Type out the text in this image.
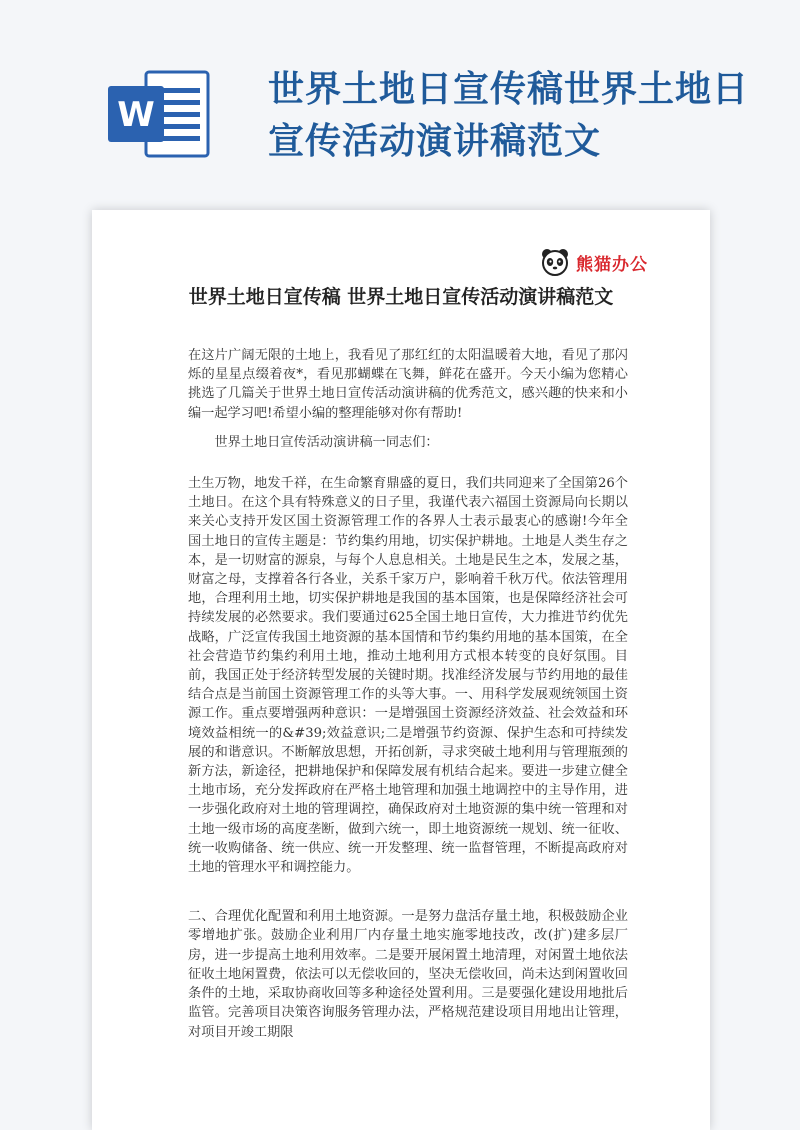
W
世界土地日宣传稿世界土地日宣传活动演讲稿范文
熊猫办公
世界土地日宣传稿 世界土地日宣传活动演讲稿范文

在这片广阔无限的土地上，我看见了那红红的太阳温暖着大地，看见了那闪烁的星星点缀着夜*，看见那蝴蝶在飞舞，鲜花在盛开。今天小编为您精心挑选了几篇关于世界土地日宣传活动演讲稿的优秀范文，感兴趣的快来和小编一起学习吧!希望小编的整理能够对你有帮助!

世界土地日宣传活动演讲稿一同志们：

土生万物，地发千祥，在生命繁育鼎盛的夏日，我们共同迎来了全国第26个土地日。在这个具有特殊意义的日子里，我谨代表六福国土资源局向长期以来关心支持开发区国土资源管理工作的各界人士表示最衷心的感谢!今年全国土地日的宣传主题是：节约集约用地，切实保护耕地。土地是人类生存之本，是一切财富的源泉，与每个人息息相关。土地是民生之本，发展之基，财富之母，支撑着各行各业，关系千家万户，影响着千秋万代。依法管理用地，合理利用土地，切实保护耕地是我国的基本国策，也是保障经济社会可持续发展的必然要求。我们要通过625全国土地日宣传，大力推进节约优先战略，广泛宣传我国土地资源的基本国情和节约集约用地的基本国策，在全社会营造节约集约利用土地，推动土地利用方式根本转变的良好氛围。目前，我国正处于经济转型发展的关键时期。找准经济发展与节约用地的最佳结合点是当前国土资源管理工作的头等大事。一、用科学发展观统领国土资源工作。重点要增强两种意识：一是增强国土资源经济效益、社会效益和环境效益相统一的&#39;效益意识;二是增强节约资源、保护生态和可持续发展的和谐意识。不断解放思想，开拓创新，寻求突破土地利用与管理瓶颈的新方法，新途径，把耕地保护和保障发展有机结合起来。要进一步建立健全土地市场，充分发挥政府在严格土地管理和加强土地调控中的主导作用，进一步强化政府对土地的管理调控，确保政府对土地资源的集中统一管理和对土地一级市场的高度垄断，做到六统一，即土地资源统一规划、统一征收、统一收购储备、统一供应、统一开发整理、统一监督管理，不断提高政府对土地的管理水平和调控能力。

二、合理优化配置和利用土地资源。一是努力盘活存量土地，积极鼓励企业零增地扩张。鼓励企业利用厂内存量土地实施零地技改，改(扩)建多层厂房，进一步提高土地利用效率。二是要开展闲置土地清理，对闲置土地依法征收土地闲置费，依法可以无偿收回的，坚决无偿收回，尚未达到闲置收回条件的土地，采取协商收回等多种途径处置利用。三是要强化建设用地批后监管。完善项目决策咨询服务管理办法，严格规范建设项目用地出让管理，对项目开竣工期限
